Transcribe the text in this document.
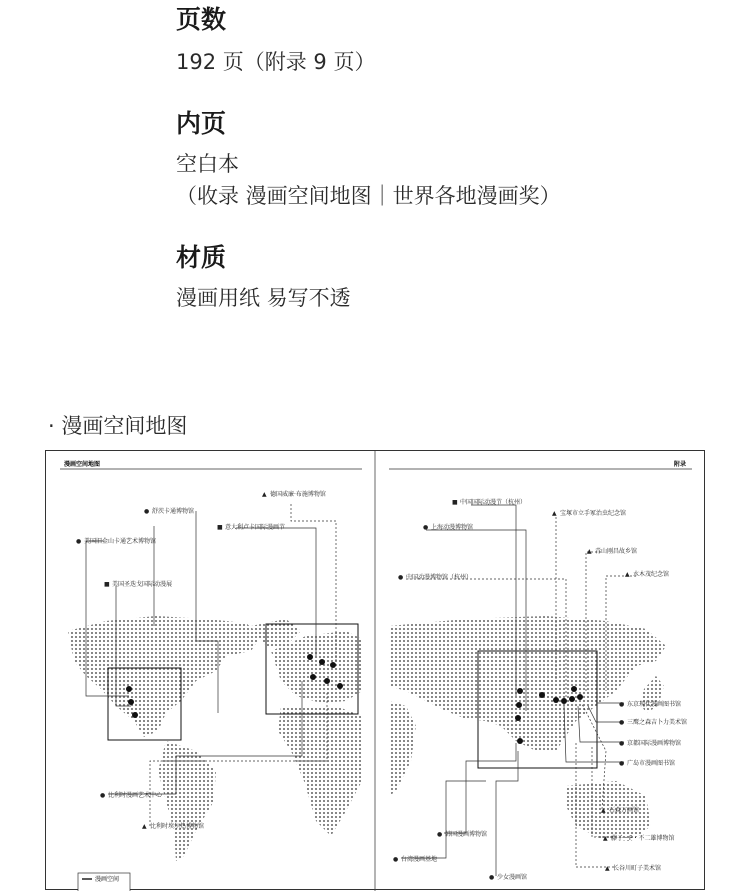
页数

192 页（附录 9 页）

内页

空白本

（收录 漫画空间地图｜世界各地漫画奖）

材质

漫画用纸 易写不透

· 漫画空间地图
漫画空间地图	附录
▲ 德国威廉·布施博物馆
● 舒茨卡通博物馆
■ 意大利卢卡国际漫画节
● 美国旧金山卡通艺术博物馆
■ 美国圣迭戈国际动漫展
● 比利时漫画艺术中心
▲ 比利时埃尔热博物馆
■ 中国国际动漫节（杭州）
▲ 宝塚市立手冢治虫纪念馆
● 上海动漫博物馆
▲ 青山刚昌故乡馆
● 中国动漫博物馆（杭州）	▲ 水木茂纪念馆
● 东京现代漫画图书馆
● 三鹰之森吉卜力美术馆
● 京都国际漫画博物馆
● 广岛市漫画图书馆
▲ 石森万画馆
● 韩国漫画博物馆
▲ 藤子・F・不二雄博物馆
● 台湾漫画基地
▲ 长谷川町子美术馆
● 少女漫画馆
漫画空间
